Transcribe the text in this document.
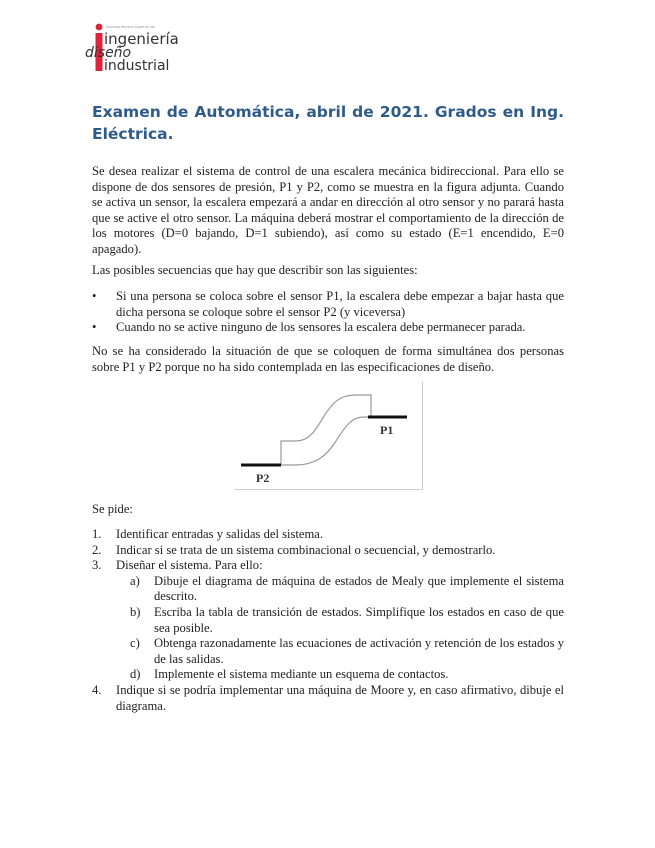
escuela técnica superior de
ingeniería
diseño
industrial
Examen de Automática, abril de 2021. Grados en Ing.
Eléctrica.

Se desea realizar el sistema de control de una escalera mecánica bidireccional. Para ello se dispone de dos sensores de presión, P1 y P2, como se muestra en la figura adjunta. Cuando se activa un sensor, la escalera empezará a andar en dirección al otro sensor y no parará hasta que se active el otro sensor. La máquina deberá mostrar el comportamiento de la dirección de los motores (D=0 bajando, D=1 subiendo), así como su estado (E=1 encendido, E=0 apagado).

Las posibles secuencias que hay que describir son las siguientes:

• Si una persona se coloca sobre el sensor P1, la escalera debe empezar a bajar hasta que dicha persona se coloque sobre el sensor P2 (y viceversa)
• Cuando no se active ninguno de los sensores la escalera debe permanecer parada.

No se ha considerado la situación de que se coloquen de forma simultánea dos personas sobre P1 y P2 porque no ha sido contemplada en las especificaciones de diseño.

P1
P2

Se pide:

1. Identificar entradas y salidas del sistema.
2. Indicar si se trata de un sistema combinacional o secuencial, y demostrarlo.
3. Diseñar el sistema. Para ello:
a) Dibuje el diagrama de máquina de estados de Mealy que implemente el sistema descrito.
b) Escriba la tabla de transición de estados. Simplifique los estados en caso de que sea posible.
c) Obtenga razonadamente las ecuaciones de activación y retención de los estados y de las salidas.
d) Implemente el sistema mediante un esquema de contactos.
4. Indique si se podría implementar una máquina de Moore y, en caso afirmativo, dibuje el diagrama.
